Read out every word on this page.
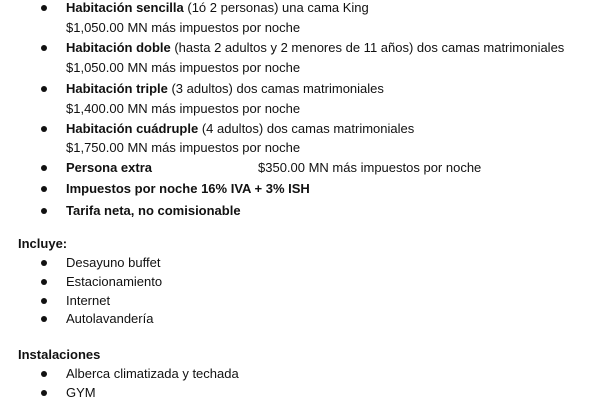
Habitación sencilla (1ó 2 personas) una cama King
$1,050.00 MN más impuestos por noche
Habitación doble (hasta 2 adultos y 2 menores de 11 años) dos camas matrimoniales
$1,050.00 MN más impuestos por noche
Habitación triple (3 adultos) dos camas matrimoniales
$1,400.00 MN más impuestos por noche
Habitación cuádruple (4 adultos) dos camas matrimoniales
$1,750.00 MN más impuestos por noche
Persona extra	$350.00 MN más impuestos por noche
Impuestos por noche 16% IVA + 3% ISH
Tarifa neta, no comisionable
Incluye:
Desayuno buffet
Estacionamiento
Internet
Autolavandería
Instalaciones
Alberca climatizada y techada
GYM
